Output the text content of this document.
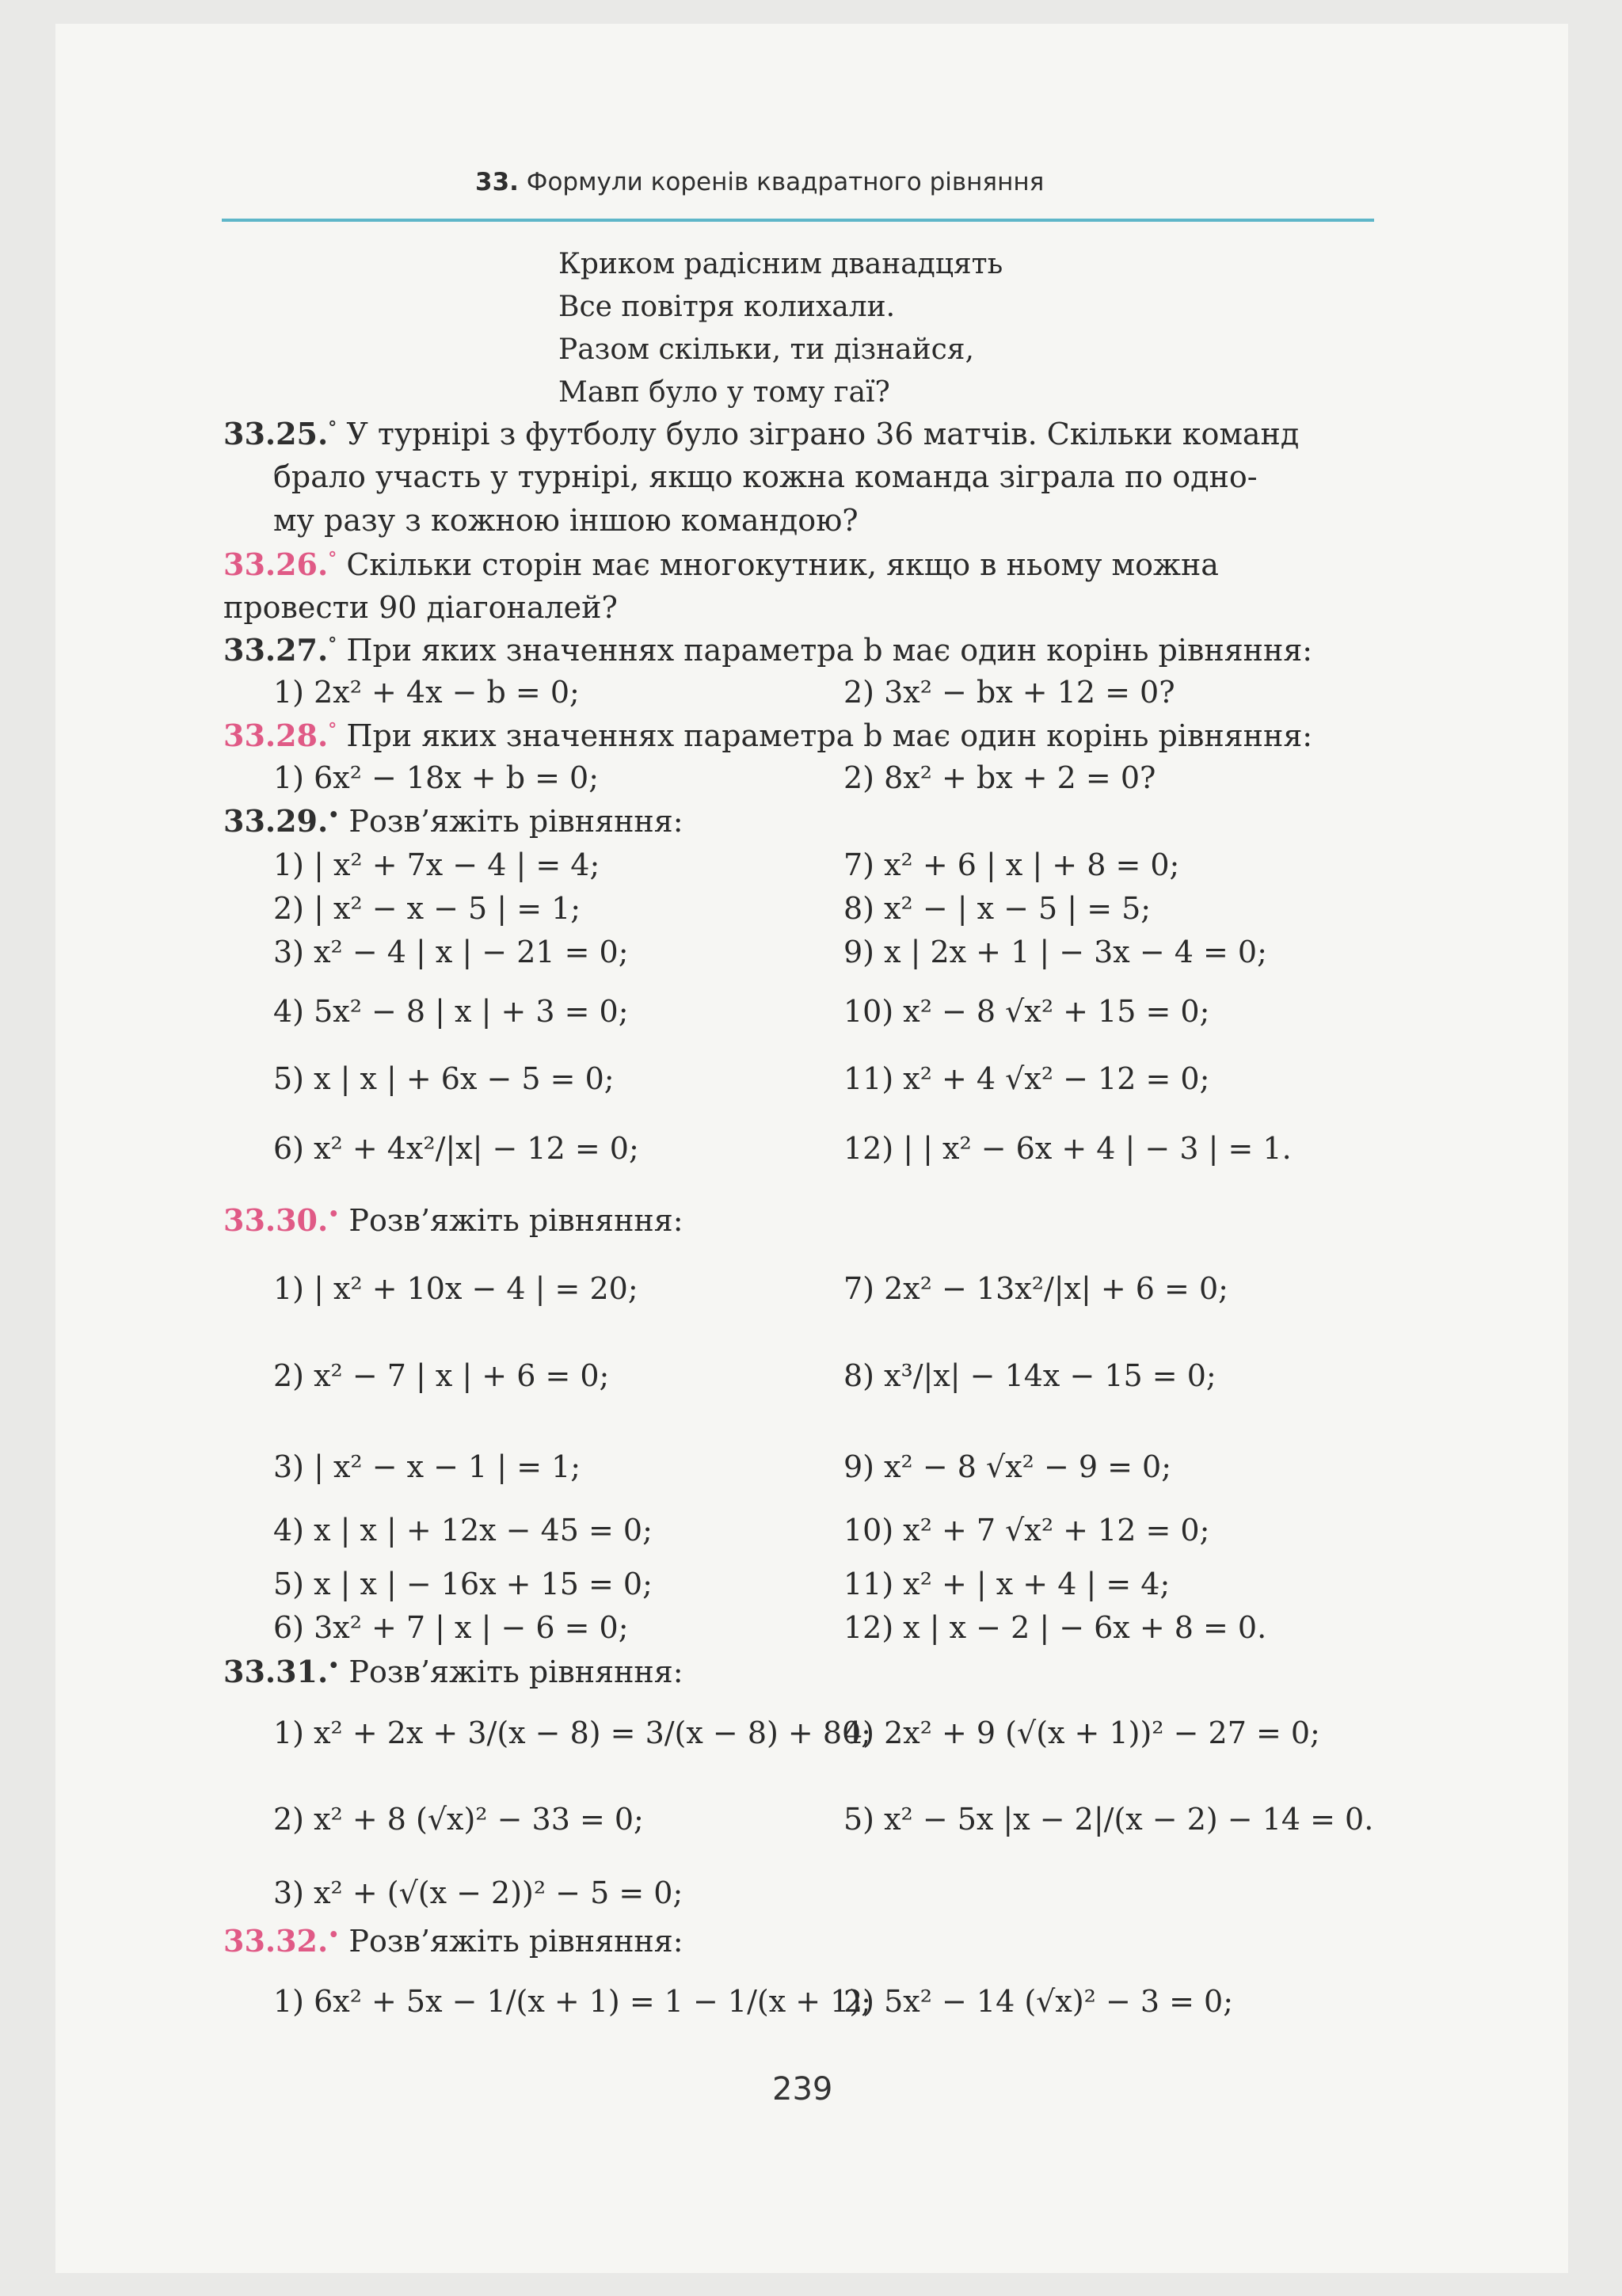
33. Формули коренів квадратного рівняння
Криком радісним дванадцять
Все повітря колихали.
Разом скільки, ти дізнайся,
Мавп було у тому гаї?
33.25.° У турнірі з футболу було зіграно 36 матчів. Скільки команд
брало участь у турнірі, якщо кожна команда зіграла по одно-
му разу з кожною іншою командою?
33.26.° Скільки сторін має многокутник, якщо в ньому можна
провести 90 діагоналей?
33.27.° При яких значеннях параметра b має один корінь рівняння:
1) 2x² + 4x − b = 0;	2) 3x² − bx + 12 = 0?
33.28.° При яких значеннях параметра b має один корінь рівняння:
1) 6x² − 18x + b = 0;	2) 8x² + bx + 2 = 0?
33.29.• Розв’яжіть рівняння:
1) | x² + 7x − 4 | = 4;
2) | x² − x − 5 | = 1;
3) x² − 4 | x | − 21 = 0;
4) 5x² − 8 | x | + 3 = 0;
5) x | x | + 6x − 5 = 0;
6) x² + 4x²/|x| − 12 = 0;
7) x² + 6 | x | + 8 = 0;
8) x² − | x − 5 | = 5;
9) x | 2x + 1 | − 3x − 4 = 0;
10) x² − 8 √x² + 15 = 0;
11) x² + 4 √x² − 12 = 0;
12) | | x² − 6x + 4 | − 3 | = 1.
33.30.• Розв’яжіть рівняння:
1) | x² + 10x − 4 | = 20;
2) x² − 7 | x | + 6 = 0;
3) | x² − x − 1 | = 1;
4) x | x | + 12x − 45 = 0;
5) x | x | − 16x + 15 = 0;
6) 3x² + 7 | x | − 6 = 0;
7) 2x² − 13x²/|x| + 6 = 0;
8) x³/|x| − 14x − 15 = 0;
9) x² − 8 √x² − 9 = 0;
10) x² + 7 √x² + 12 = 0;
11) x² + | x + 4 | = 4;
12) x | x − 2 | − 6x + 8 = 0.
33.31.• Розв’яжіть рівняння:
1) x² + 2x + 3/(x − 8) = 3/(x − 8) + 80;
2) x² + 8 (√x)² − 33 = 0;
3) x² + (√(x − 2))² − 5 = 0;
4) 2x² + 9 (√(x + 1))² − 27 = 0;
5) x² − 5x |x − 2|/(x − 2) − 14 = 0.
33.32.• Розв’яжіть рівняння:
1) 6x² + 5x − 1/(x + 1) = 1 − 1/(x + 1);
2) 5x² − 14 (√x)² − 3 = 0;
239
